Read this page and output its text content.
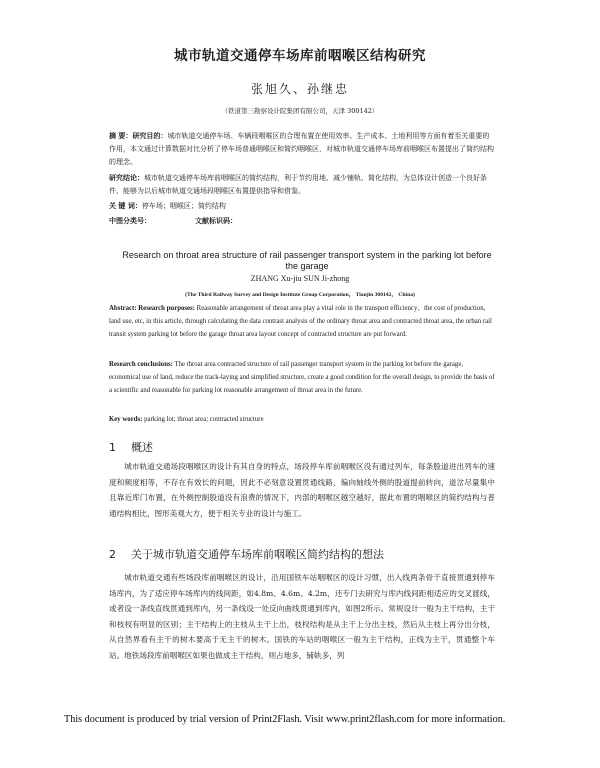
城市轨道交通停车场库前咽喉区结构研究
张旭久、孙继忠
（铁道第三勘察设计院集团有限公司，天津 300142）
摘 要：研究目的：城市轨道交通停车场、车辆段咽喉区的合理布置在使用效率、生产成本、土地利用等方面有着至关重要的作用，本文通过计算数据对比分析了停车场普通咽喉区和简约咽喉区，对城市轨道交通停车场库前咽喉区布置提出了简约结构的理念。
研究结论：城市轨道交通停车场库前咽喉区的简约结构，利于节约用地、减少铺轨、简化结构，为总体设计创造一个良好条件，能够为以后城市轨道交通场段咽喉区布置提供指导和借鉴。
关 键 词：停车场；咽喉区；简约结构
中图分类号：	文献标识码：
Research on throat area structure of rail passenger transport system in the parking lot before the garage
ZHANG Xu-jiu SUN Ji-zhong
(The Third Railway Survey and Design Institute Group Corporation， Tianjin 300142， China)
Abstract: Research purposes: Reasonable arrangement of throat area play a vital role in the transport efficiency、the cost of production, land use, etc, in this article, through calculating the data contrast analysis of the ordinary throat area and contracted throat area, the urban rail transit system parking lot before the garage throat area layout concept of contracted structure are put forward.
Research conclusions: The throat area contracted structure of rail passenger transport system in the parking lot before the garage, economical use of land, reduce the track-laying and simplified structure, create a good condition for the overall design, to provide the basis of a scientific and reasonable for parking lot reasonable arrangement of throat area in the future.
Key words: parking lot; throat area; contracted structure
1 概述
城市轨道交通场段咽喉区的设计有其自身的特点，场段停车库前咽喉区没有通过列车，每条股道进出列车的速度和频度相等，不存在有效长的问题，因此不必刻意设置贯通线路，偏向轴线外侧的股道提前转向，道岔尽量集中且靠近库门布置，在外侧控制股道没有浪费的情况下，内部的咽喉区越空越好，据此布置的咽喉区的简约结构与普通结构相比，图形美观大方，便于相关专业的设计与施工。
2 关于城市轨道交通停车场库前咽喉区简约结构的想法
城市轨道交通有些场段库前咽喉区的设计，沿用国铁车站咽喉区的设计习惯，出入线两条骨干直接贯通到停车场库内，为了适应停车场库内的线间距，如4.8m、4.6m、4.2m，还专门去研究与库内线间距相适应的交叉渡线，或者设一条线直线贯通到库内，另一条线设一处反向曲线贯通到库内，如图2所示。常规设计一般为主干结构，主干和枝杈有明显的区别；主干结构上的主枝从主干上出，枝杈结构是从主干上分出主枝，然后从主枝上再分出分枝，从自然界看有主干的树木要高于无主干的树木。国铁的车站的咽喉区一般为主干结构，正线为主干，贯通整个车站。地铁场段库前咽喉区如果也做成主干结构，则占地多，铺轨多，列
This document is produced by trial version of Print2Flash. Visit www.print2flash.com for more information.
